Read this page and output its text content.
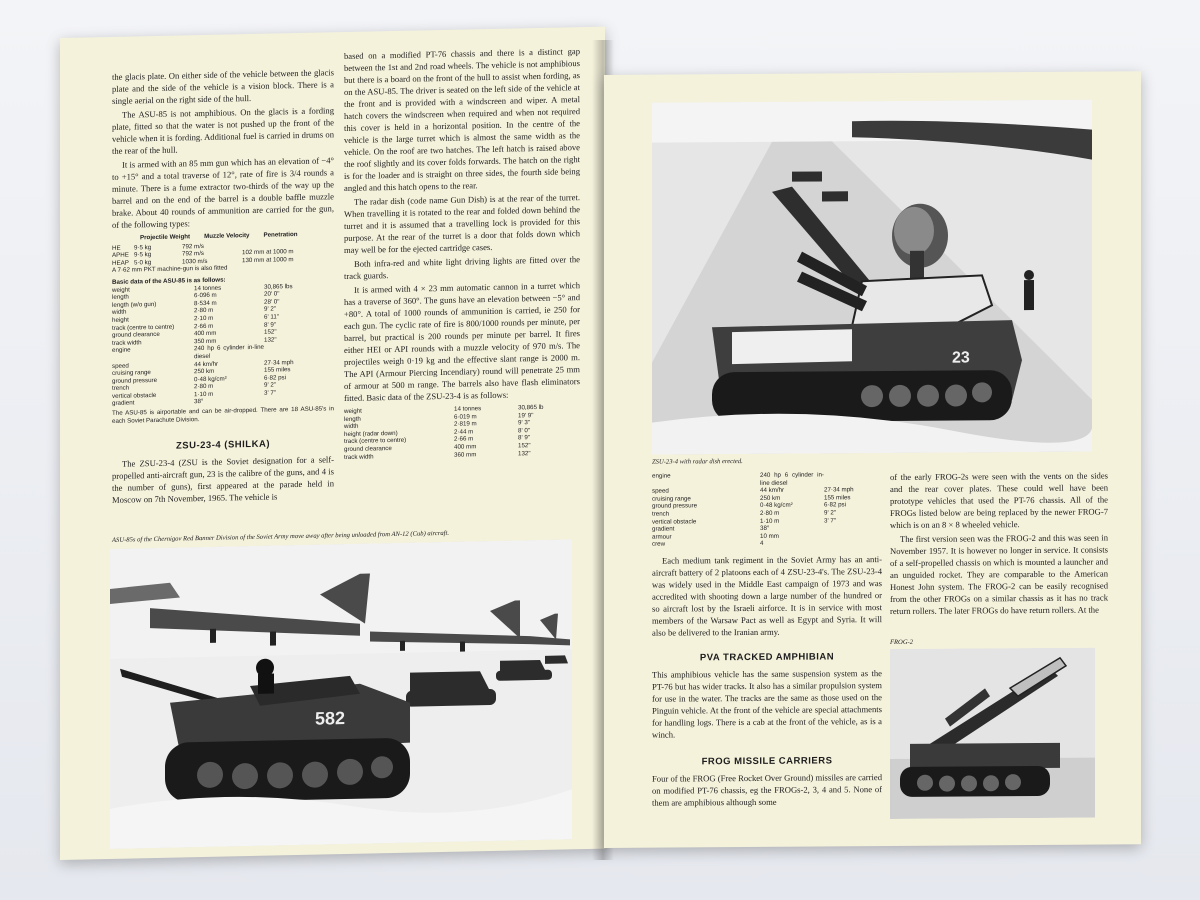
the glacis plate. On either side of the vehicle between the glacis plate and the side of the vehicle is a vision block. There is a single aerial on the right side of the hull.

The ASU-85 is not amphibious. On the glacis is a fording plate, fitted so that the water is not pushed up the front of the vehicle when it is fording. Additional fuel is carried in drums on the rear of the hull.

It is armed with an 85 mm gun which has an elevation of −4° to +15° and a total traverse of 12°, rate of fire is 3/4 rounds a minute. There is a fume extractor two-thirds of the way up the barrel and on the end of the barrel is a double baffle muzzle brake. About 40 rounds of ammunition are carried for the gun, of the following types:

Projectile Weight Muzzle Velocity Penetration
HE	9·5 kg	792 m/s	
APHE	9·5 kg	792 m/s	102 mm at 1000 m
HEAP	5·0 kg	1030 m/s	130 mm at 1000 m
A 7·62 mm PKT machine-gun is also fitted
Basic data of the ASU-85 is as follows:
weight	14 tonnes	30,865 lbs
length	6·096 m	20' 0"
length (w/o gun)	8·534 m	28' 0"
width	2·80 m	9' 2"
height	2·10 m	6' 11"
track (centre to centre)	2·66 m	8' 9"
ground clearance	400 mm	152"
track width	350 mm	132"
engine	240 hp 6 cylinder in-line diesel	
speed	44 km/hr	27·34 mph
cruising range	250 km	155 miles
ground pressure	0·48 kg/cm²	6·82 psi
trench	2·80 m	9' 2"
vertical obstacle	1·10 m	3' 7"
gradient	38°	
The ASU-85 is airportable and can be air-dropped. There are 18 ASU-85's in each Soviet Parachute Division.
ZSU-23-4 (SHILKA)

The ZSU-23-4 (ZSU is the Soviet designation for a self-propelled anti-aircraft gun, 23 is the calibre of the guns, and 4 is the number of guns), first appeared at the parade held in Moscow on 7th November, 1965. The vehicle is

based on a modified PT-76 chassis and there is a distinct gap between the 1st and 2nd road wheels. The vehicle is not amphibious but there is a board on the front of the hull to assist when fording, as on the ASU-85. The driver is seated on the left side of the vehicle at the front and is provided with a windscreen and wiper. A metal hatch covers the windscreen when required and when not required this cover is held in a horizontal position. In the centre of the vehicle is the large turret which is almost the same width as the vehicle. On the roof are two hatches. The left hatch is raised above the roof slightly and its cover folds forwards. The hatch on the right is for the loader and is straight on three sides, the fourth side being angled and this hatch opens to the rear.

The radar dish (code name Gun Dish) is at the rear of the turret. When travelling it is rotated to the rear and folded down behind the turret and it is assumed that a travelling lock is provided for this purpose. At the rear of the turret is a door that folds down which may well be for the ejected cartridge cases.

Both infra-red and white light driving lights are fitted over the track guards.

It is armed with 4 × 23 mm automatic cannon in a turret which has a traverse of 360°. The guns have an elevation between −5° and +80°. A total of 1000 rounds of ammunition is carried, ie 250 for each gun. The cyclic rate of fire is 800/1000 rounds per minute, per barrel, but practical is 200 rounds per minute per barrel. It fires either HEI or API rounds with a muzzle velocity of 970 m/s. The projectiles weigh 0·19 kg and the effective slant range is 2000 m. The API (Armour Piercing Incendiary) round will penetrate 25 mm of armour at 500 m range. The barrels also have flash eliminators fitted. Basic data of the ZSU-23-4 is as follows:

weight	14 tonnes	30,865 lb
length	6·019 m	19' 9"
width	2·819 m	9' 3"
height (radar down)	2·44 m	8' 0"
track (centre to centre)	2·66 m	8' 9"
ground clearance	400 mm	152"
track width	360 mm	132"
ASU-85s of the Chernigov Red Banner Division of the Soviet Army move away after being unloaded from AN-12 (Cub) aircraft.
582
23
ZSU-23-4 with radar dish erected.
engine	240 hp 6 cylinder in-line diesel	
speed	44 km/hr	27·34 mph
cruising range	250 km	155 miles
ground pressure	0·48 kg/cm²	6·82 psi
trench	2·80 m	9' 2"
vertical obstacle	1·10 m	3' 7"
gradient	38°	
armour	10 mm	
crew	4	

Each medium tank regiment in the Soviet Army has an anti-aircraft battery of 2 platoons each of 4 ZSU-23-4's. The ZSU-23-4 was widely used in the Middle East campaign of 1973 and was accredited with shooting down a large number of the hundred or so aircraft lost by the Israeli airforce. It is in service with most members of the Warsaw Pact as well as Egypt and Syria. It will also be delivered to the Iranian army.

PVA TRACKED AMPHIBIAN

This amphibious vehicle has the same suspension system as the PT-76 but has wider tracks. It also has a similar propulsion system for use in the water. The tracks are the same as those used on the Pinguin vehicle. At the front of the vehicle are special attachments for handling logs. There is a cab at the front of the vehicle, as is a winch.

FROG MISSILE CARRIERS

Four of the FROG (Free Rocket Over Ground) missiles are carried on modified PT-76 chassis, eg the FROGs-2, 3, 4 and 5. None of them are amphibious although some

of the early FROG-2s were seen with the vents on the sides and the rear cover plates. These could well have been prototype vehicles that used the PT-76 chassis. All of the FROGs listed below are being replaced by the newer FROG-7 which is on an 8 × 8 wheeled vehicle.

The first version seen was the FROG-2 and this was seen in November 1957. It is however no longer in service. It consists of a self-propelled chassis on which is mounted a launcher and an unguided rocket. They are comparable to the American Honest John system. The FROG-2 can be easily recognised from the other FROGs on a similar chassis as it has no track return rollers. The later FROGs do have return rollers. At the

FROG-2
